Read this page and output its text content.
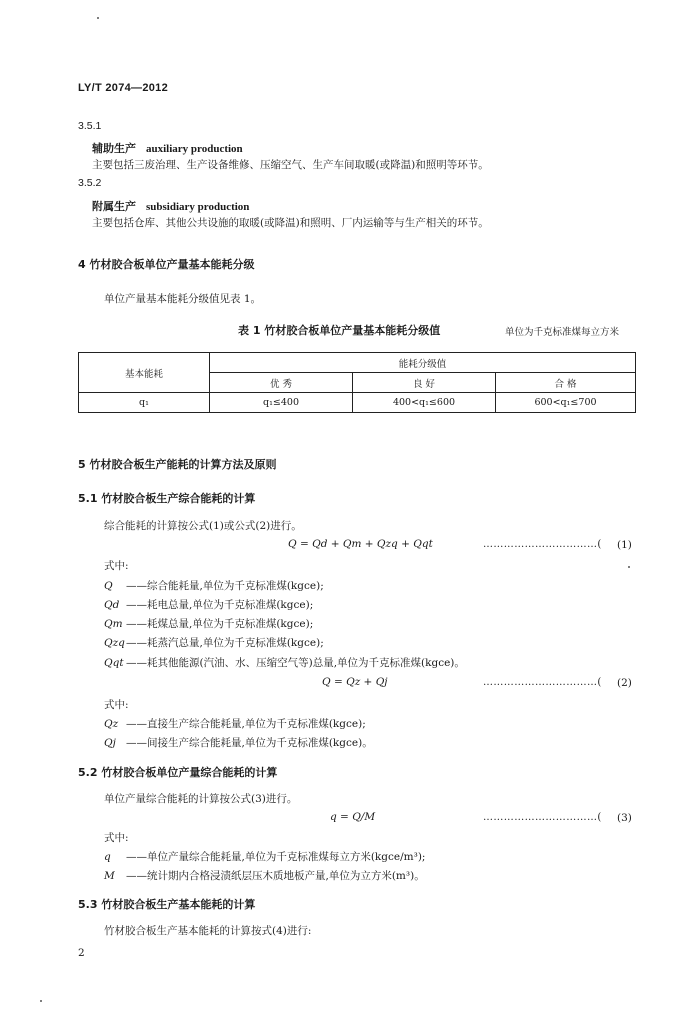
LY/T 2074—2012
3.5.1
辅助生产 auxiliary production
主要包括三废治理、生产设备维修、压缩空气、生产车间取暖(或降温)和照明等环节。
3.5.2
附属生产 subsidiary production
主要包括仓库、其他公共设施的取暖(或降温)和照明、厂内运输等与生产相关的环节。
4 竹材胶合板单位产量基本能耗分级
单位产量基本能耗分级值见表 1。
表 1 竹材胶合板单位产量基本能耗分级值	单位为千克标准煤每立方米
基本能耗	能耗分级值		
	优 秀	良 好	合 格
q₁	q₁≤400	400<q₁≤600	600<q₁≤700
5 竹材胶合板生产能耗的计算方法及原则
5.1 竹材胶合板生产综合能耗的计算
综合能耗的计算按公式(1)或公式(2)进行。
Q = Qd + Qm + Qzq + Qqt	……………………………( (1)
式中:
Q ——综合能耗量,单位为千克标准煤(kgce);
Qd ——耗电总量,单位为千克标准煤(kgce);
Qm ——耗煤总量,单位为千克标准煤(kgce);
Qzq——耗蒸汽总量,单位为千克标准煤(kgce);
Qqt ——耗其他能源(汽油、水、压缩空气等)总量,单位为千克标准煤(kgce)。
Q = Qz + Qj	……………………………( (2)
式中:
Qz ——直接生产综合能耗量,单位为千克标准煤(kgce);
Qj ——间接生产综合能耗量,单位为千克标准煤(kgce)。
5.2 竹材胶合板单位产量综合能耗的计算
单位产量综合能耗的计算按公式(3)进行。
q = Q/M	……………………………( (3)
式中:
q ——单位产量综合能耗量,单位为千克标准煤每立方米(kgce/m³);
M ——统计期内合格浸渍纸层压木质地板产量,单位为立方米(m³)。
5.3 竹材胶合板生产基本能耗的计算
竹材胶合板生产基本能耗的计算按式(4)进行:
2
